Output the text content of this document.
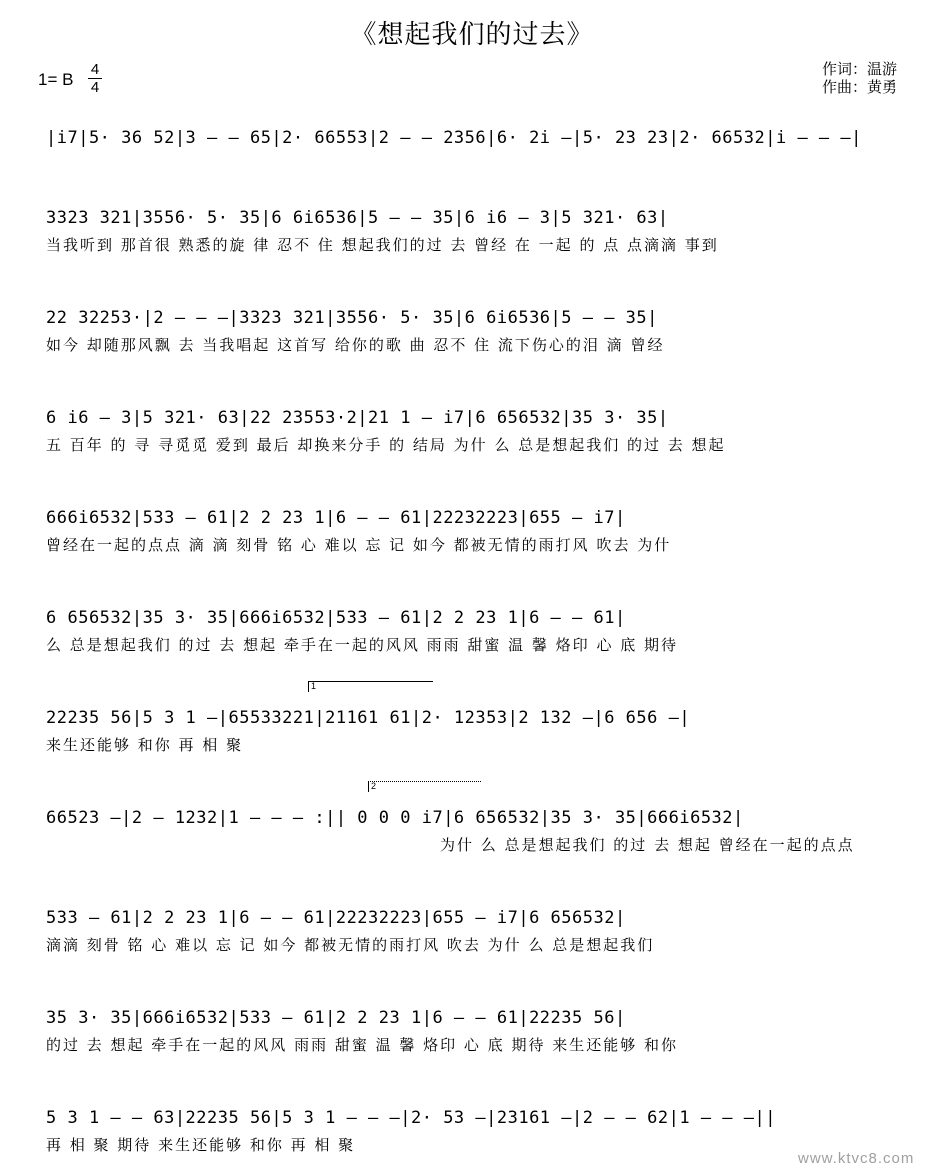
《想起我们的过去》
1= B
4
4
作词：温游
作曲：黄勇
|i7|5· 36 52|3 — — 65|2· 66553|2 — — 2356|6· 2i —|5· 23 23|2· 66532|i — — —|
3323 321|3556· 5· 35|6 6i6536|5 — — 35|6 i6 — 3|5 321· 63|
当我听到 那首很 熟悉的旋 律 忍不 住 想起我们的过 去 曾经 在 一起 的 点 点滴滴 事到
22 32253·|2 — — —|3323 321|3556· 5· 35|6 6i6536|5 — — 35|
如今 却随那风飘 去 当我唱起 这首写 给你的歌 曲 忍不 住 流下伤心的泪 滴 曾经
6 i6 — 3|5 321· 63|22 23553·2|21 1 — i7|6 656532|35 3· 35|
五 百年 的 寻 寻觅觅 爱到 最后 却换来分手 的 结局 为什 么 总是想起我们 的过 去 想起
666i6532|533 — 61|2 2 23 1|6 — — 61|22232223|655 — i7|
曾经在一起的点点 滴 滴 刻骨 铭 心 难以 忘 记 如今 都被无情的雨打风 吹去 为什
6 656532|35 3· 35|666i6532|533 — 61|2 2 23 1|6 — — 61|
么 总是想起我们 的过 去 想起 牵手在一起的风风 雨雨 甜蜜 温 馨 烙印 心 底 期待
1
22235 56|5 3 1 —|65533221|21161 61|2· 12353|2 132 —|6 656 —|
来生还能够 和你 再 相 聚
2
66523 —|2 — 1232|1 — — — :|| 0 0 0 i7|6 656532|35 3· 35|666i6532|
为什 么 总是想起我们 的过 去 想起 曾经在一起的点点
533 — 61|2 2 23 1|6 — — 61|22232223|655 — i7|6 656532|
滴滴 刻骨 铭 心 难以 忘 记 如今 都被无情的雨打风 吹去 为什 么 总是想起我们
35 3· 35|666i6532|533 — 61|2 2 23 1|6 — — 61|22235 56|
的过 去 想起 牵手在一起的风风 雨雨 甜蜜 温 馨 烙印 心 底 期待 来生还能够 和你
5 3 1 — — 63|22235 56|5 3 1 — — —|2· 53 —|23161 —|2 — — 62|1 — — —||
再 相 聚 期待 来生还能够 和你 再 相 聚
www.ktvc8.com
